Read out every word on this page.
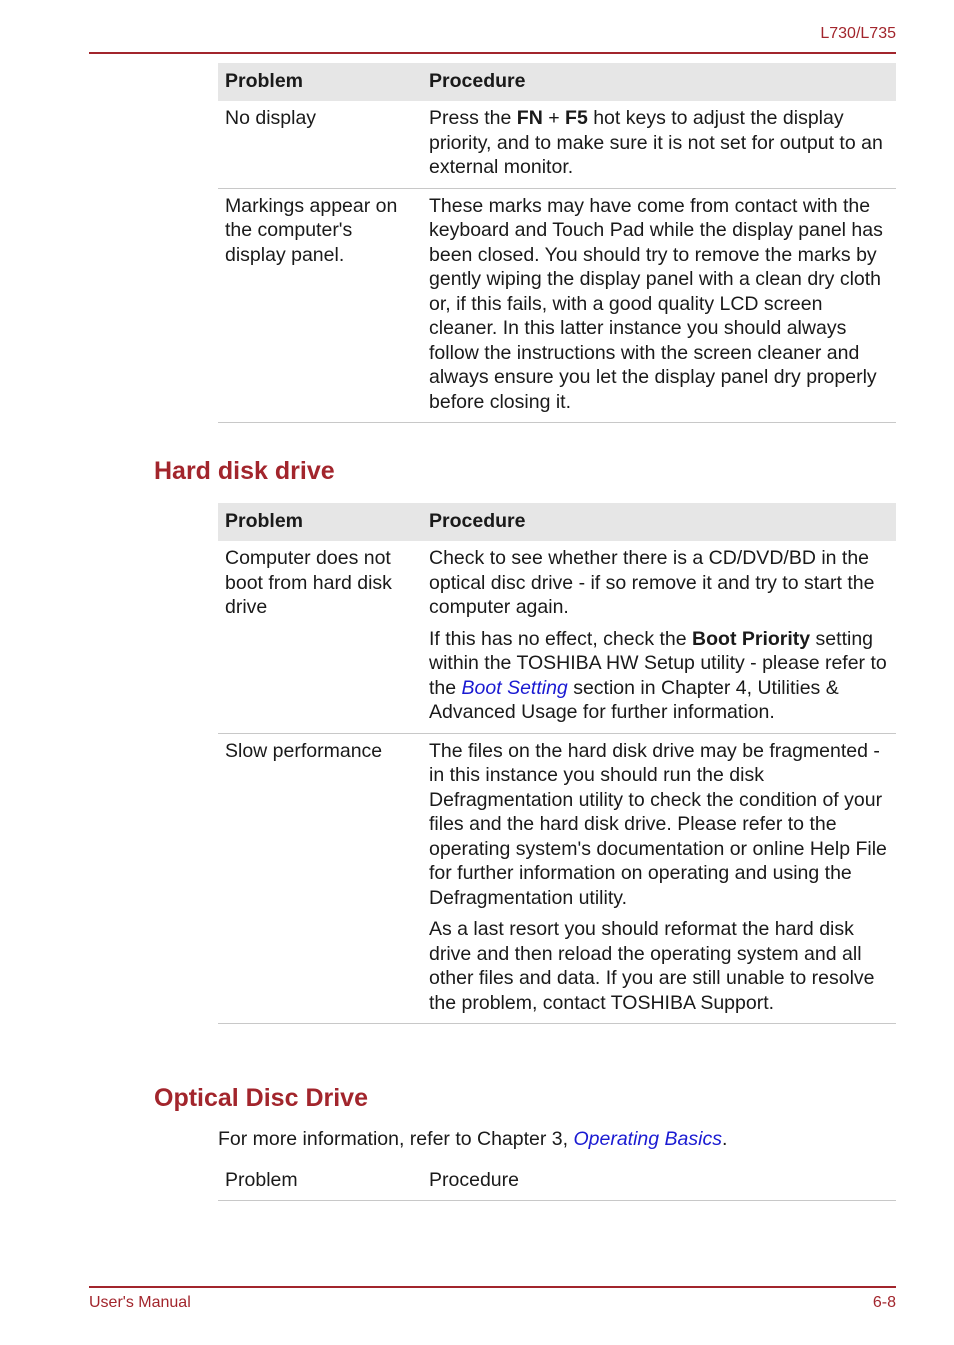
L730/L735
Problem	Procedure
No display	Press the FN + F5 hot keys to adjust the display priority, and to make sure it is not set for output to an external monitor.
Markings appear on the computer's display panel.	These marks may have come from contact with the keyboard and Touch Pad while the display panel has been closed. You should try to remove the marks by gently wiping the display panel with a clean dry cloth or, if this fails, with a good quality LCD screen cleaner. In this latter instance you should always follow the instructions with the screen cleaner and always ensure you let the display panel dry properly before closing it.
Hard disk drive
Problem	Procedure
Computer does not boot from hard disk drive	Check to see whether there is a CD/DVD/BD in the optical disc drive - if so remove it and try to start the computer again.

If this has no effect, check the Boot Priority setting within the TOSHIBA HW Setup utility - please refer to the Boot Setting section in Chapter 4, Utilities & Advanced Usage for further information.

Slow performance	The files on the hard disk drive may be fragmented - in this instance you should run the disk Defragmentation utility to check the condition of your files and the hard disk drive. Please refer to the operating system's documentation or online Help File for further information on operating and using the Defragmentation utility.

As a last resort you should reformat the hard disk drive and then reload the operating system and all other files and data. If you are still unable to resolve the problem, contact TOSHIBA Support.

Optical Disc Drive

For more information, refer to Chapter 3, Operating Basics.

Problem	Procedure
User's Manual	6-8
